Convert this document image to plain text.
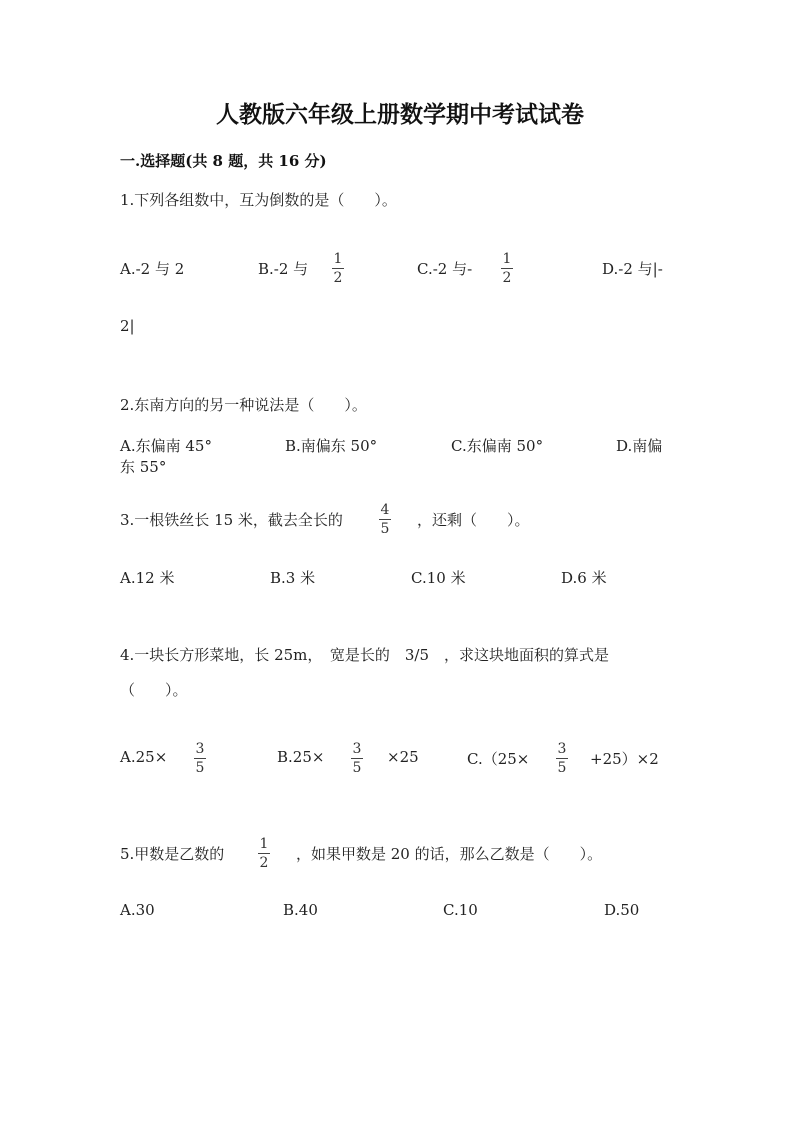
人教版六年级上册数学期中考试试卷
一.选择题(共 8 题，共 16 分)
1.下列各组数中，互为倒数的是（　　）。
A.-2 与 2	B.-2 与
1
2	C.-2 与-
1
2	D.-2 与|-
2|
2.东南方向的另一种说法是（　　）。
A.东偏南 45°	B.南偏东 50°	C.东偏南 50°	D.南偏
东 55°
3.一根铁丝长 15 米，截去全长的
4
5 ，还剩（　　）。
A.12 米	B.3 米	C.10 米	D.6 米
4.一块长方形菜地，长 25m，　宽是长的　3/5　，求这块地面积的算式是
（　　）。
A.25× 3
5
B.25× 3
5
×25	C.（25×
3
5 +25）×2
5.甲数是乙数的
1
2 ，如果甲数是 20 的话，那么乙数是（　　）。
A.30	B.40	C.10	D.50
